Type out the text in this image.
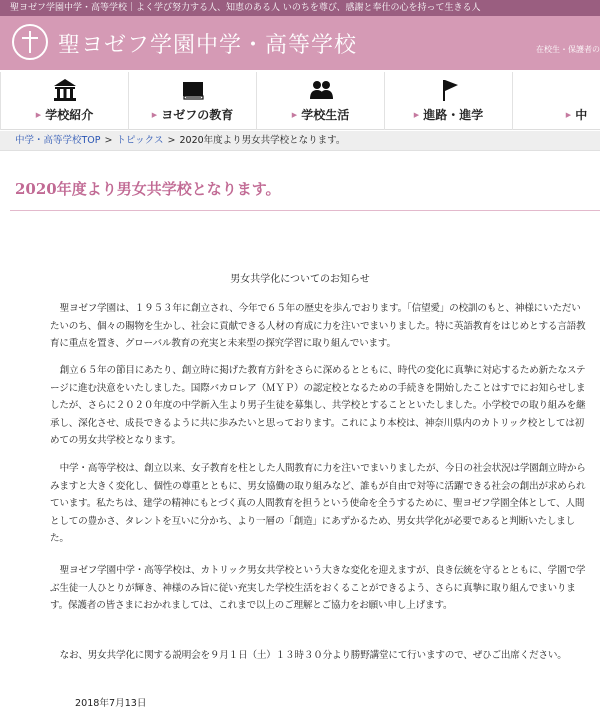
聖ヨゼフ学園中学・高等学校｜よく学び努力する人、知恵のある人 いのちを尊び、感謝と奉仕の心を持って生きる人
聖ヨゼフ学園中学・高等学校	在校生・保護者の
▶ 学校紹介	▶ ヨゼフの教育	▶ 学校生活	▶ 進路・進学	▶ 中
中学・高等学校TOP > トピックス > 2020年度より男女共学校となります。
2020年度より男女共学校となります。
男女共学化についてのお知らせ

聖ヨゼフ学園は、１９５３年に創立され、今年で６５年の歴史を歩んでおります。「信望愛」の校訓のもと、神様にいただいたいのち、個々の賜物を生かし、社会に貢献できる人材の育成に力を注いでまいりました。特に英語教育をはじめとする言語教育に重点を置き、グローバル教育の充実と未来型の探究学習に取り組んでいます。

創立６５年の節目にあたり、創立時に掲げた教育方針をさらに深めるとともに、時代の変化に真摯に対応するため新たなステージに進む決意をいたしました。国際バカロレア（ＭＹＰ）の認定校となるための手続きを開始したことはすでにお知らせしましたが、さらに２０２０年度の中学新入生より男子生徒を募集し、共学校とすることといたしました。小学校での取り組みを継承し、深化させ、成長できるように共に歩みたいと思っております。これにより本校は、神奈川県内のカトリック校としては初めての男女共学校となります。

中学・高等学校は、創立以来、女子教育を柱とした人間教育に力を注いでまいりましたが、今日の社会状況は学園創立時からみますと大きく変化し、個性の尊重とともに、男女協働の取り組みなど、誰もが自由で対等に活躍できる社会の創出が求められています。私たちは、建学の精神にもとづく真の人間教育を担うという使命を全うするために、聖ヨゼフ学園全体として、人間としての豊かさ、タレントを互いに分かち、より一層の「創造」にあずかるため、男女共学化が必要であると判断いたしました。

聖ヨゼフ学園中学・高等学校は、カトリック男女共学校という大きな変化を迎えますが、良き伝統を守るとともに、学園で学ぶ生徒一人ひとりが輝き、神様のみ旨に従い充実した学校生活をおくることができるよう、さらに真摯に取り組んでまいります。保護者の皆さまにおかれましては、これまで以上のご理解とご協力をお願い申し上げます。

なお、男女共学化に関する説明会を９月１日（土）１３時３０分より勝野講堂にて行いますので、ぜひご出席ください。

2018年7月13日
